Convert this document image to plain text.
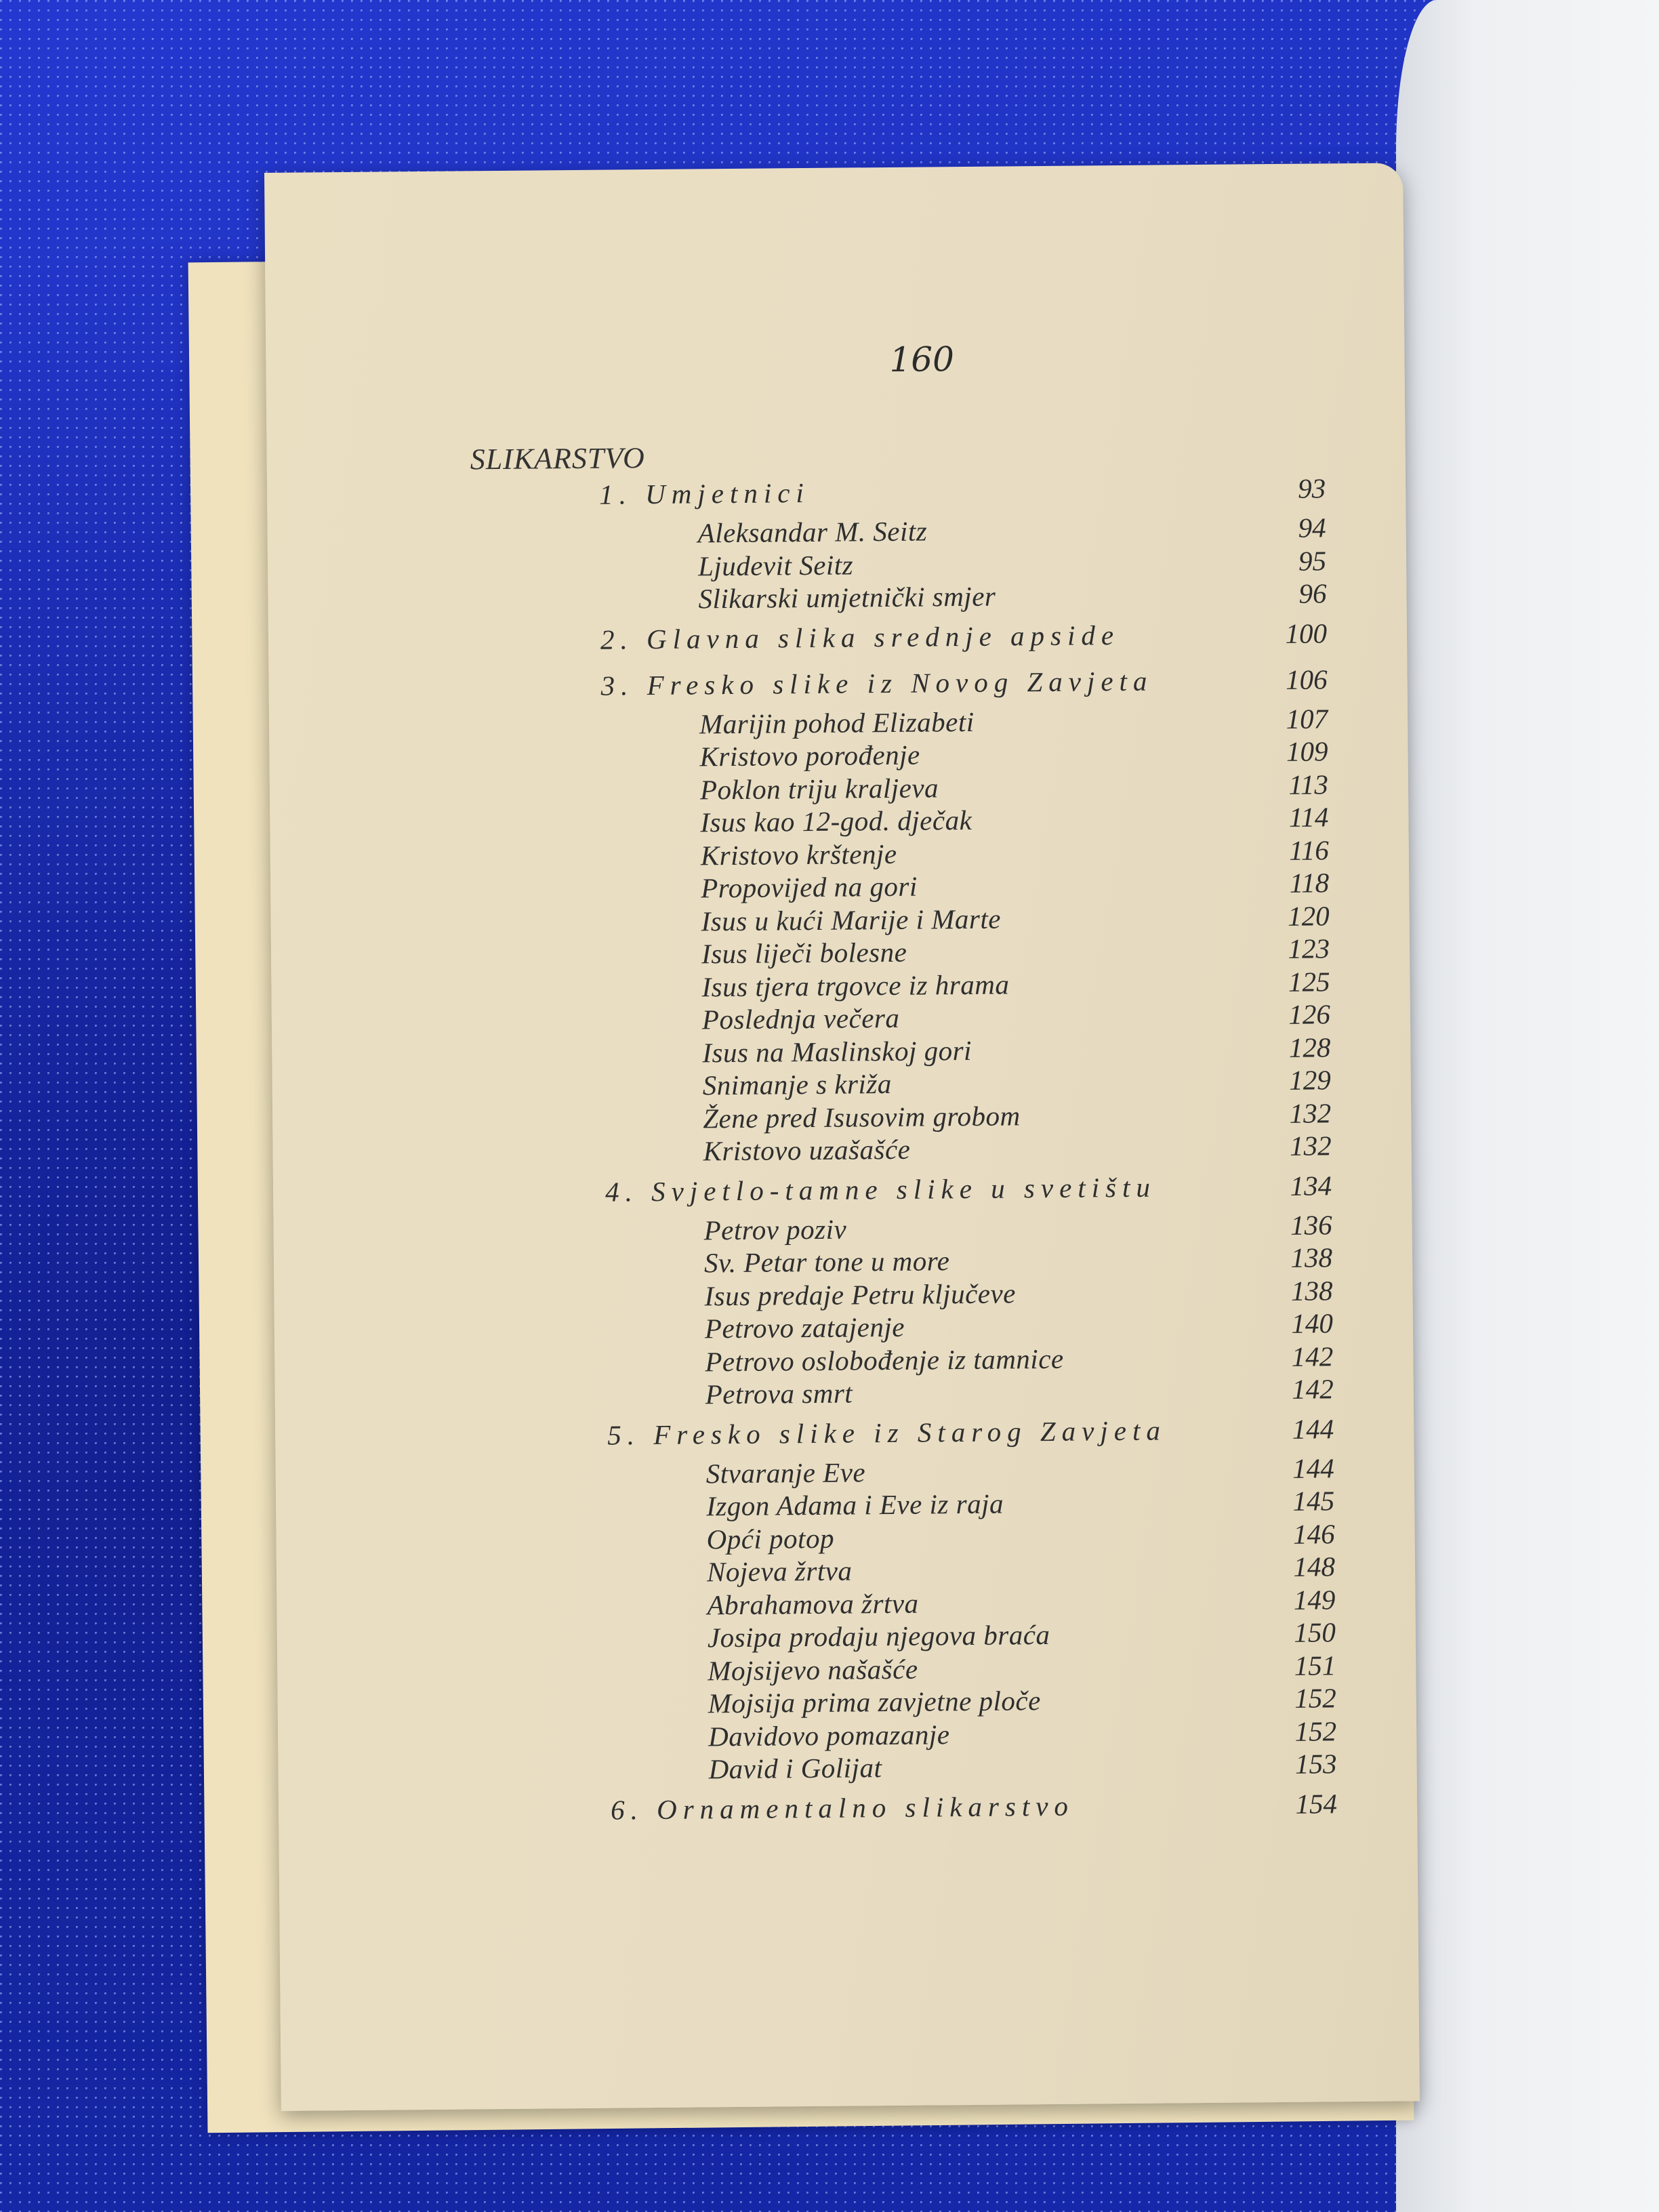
160
SLIKARSTVO
1. Umjetnici	93
Aleksandar M. Seitz	94
Ljudevit Seitz	95
Slikarski umjetnički smjer	96
2. Glavna slika srednje apside	100
3. Fresko slike iz Novog Zavjeta	106
Marijin pohod Elizabeti	107
Kristovo porođenje	109
Poklon triju kraljeva	113
Isus kao 12-god. dječak	114
Kristovo krštenje	116
Propovijed na gori	118
Isus u kući Marije i Marte	120
Isus liječi bolesne	123
Isus tjera trgovce iz hrama	125
Poslednja večera	126
Isus na Maslinskoj gori	128
Snimanje s križa	129
Žene pred Isusovim grobom	132
Kristovo uzašašće	132
4. Svjetlo-tamne slike u svetištu	134
Petrov poziv	136
Sv. Petar tone u more	138
Isus predaje Petru ključeve	138
Petrovo zatajenje	140
Petrovo oslobođenje iz tamnice	142
Petrova smrt	142
5. Fresko slike iz Starog Zavjeta	144
Stvaranje Eve	144
Izgon Adama i Eve iz raja	145
Opći potop	146
Nojeva žrtva	148
Abrahamova žrtva	149
Josipa prodaju njegova braća	150
Mojsijevo našašće	151
Mojsija prima zavjetne ploče	152
Davidovo pomazanje	152
David i Golijat	153
6. Ornamentalno slikarstvo	154
